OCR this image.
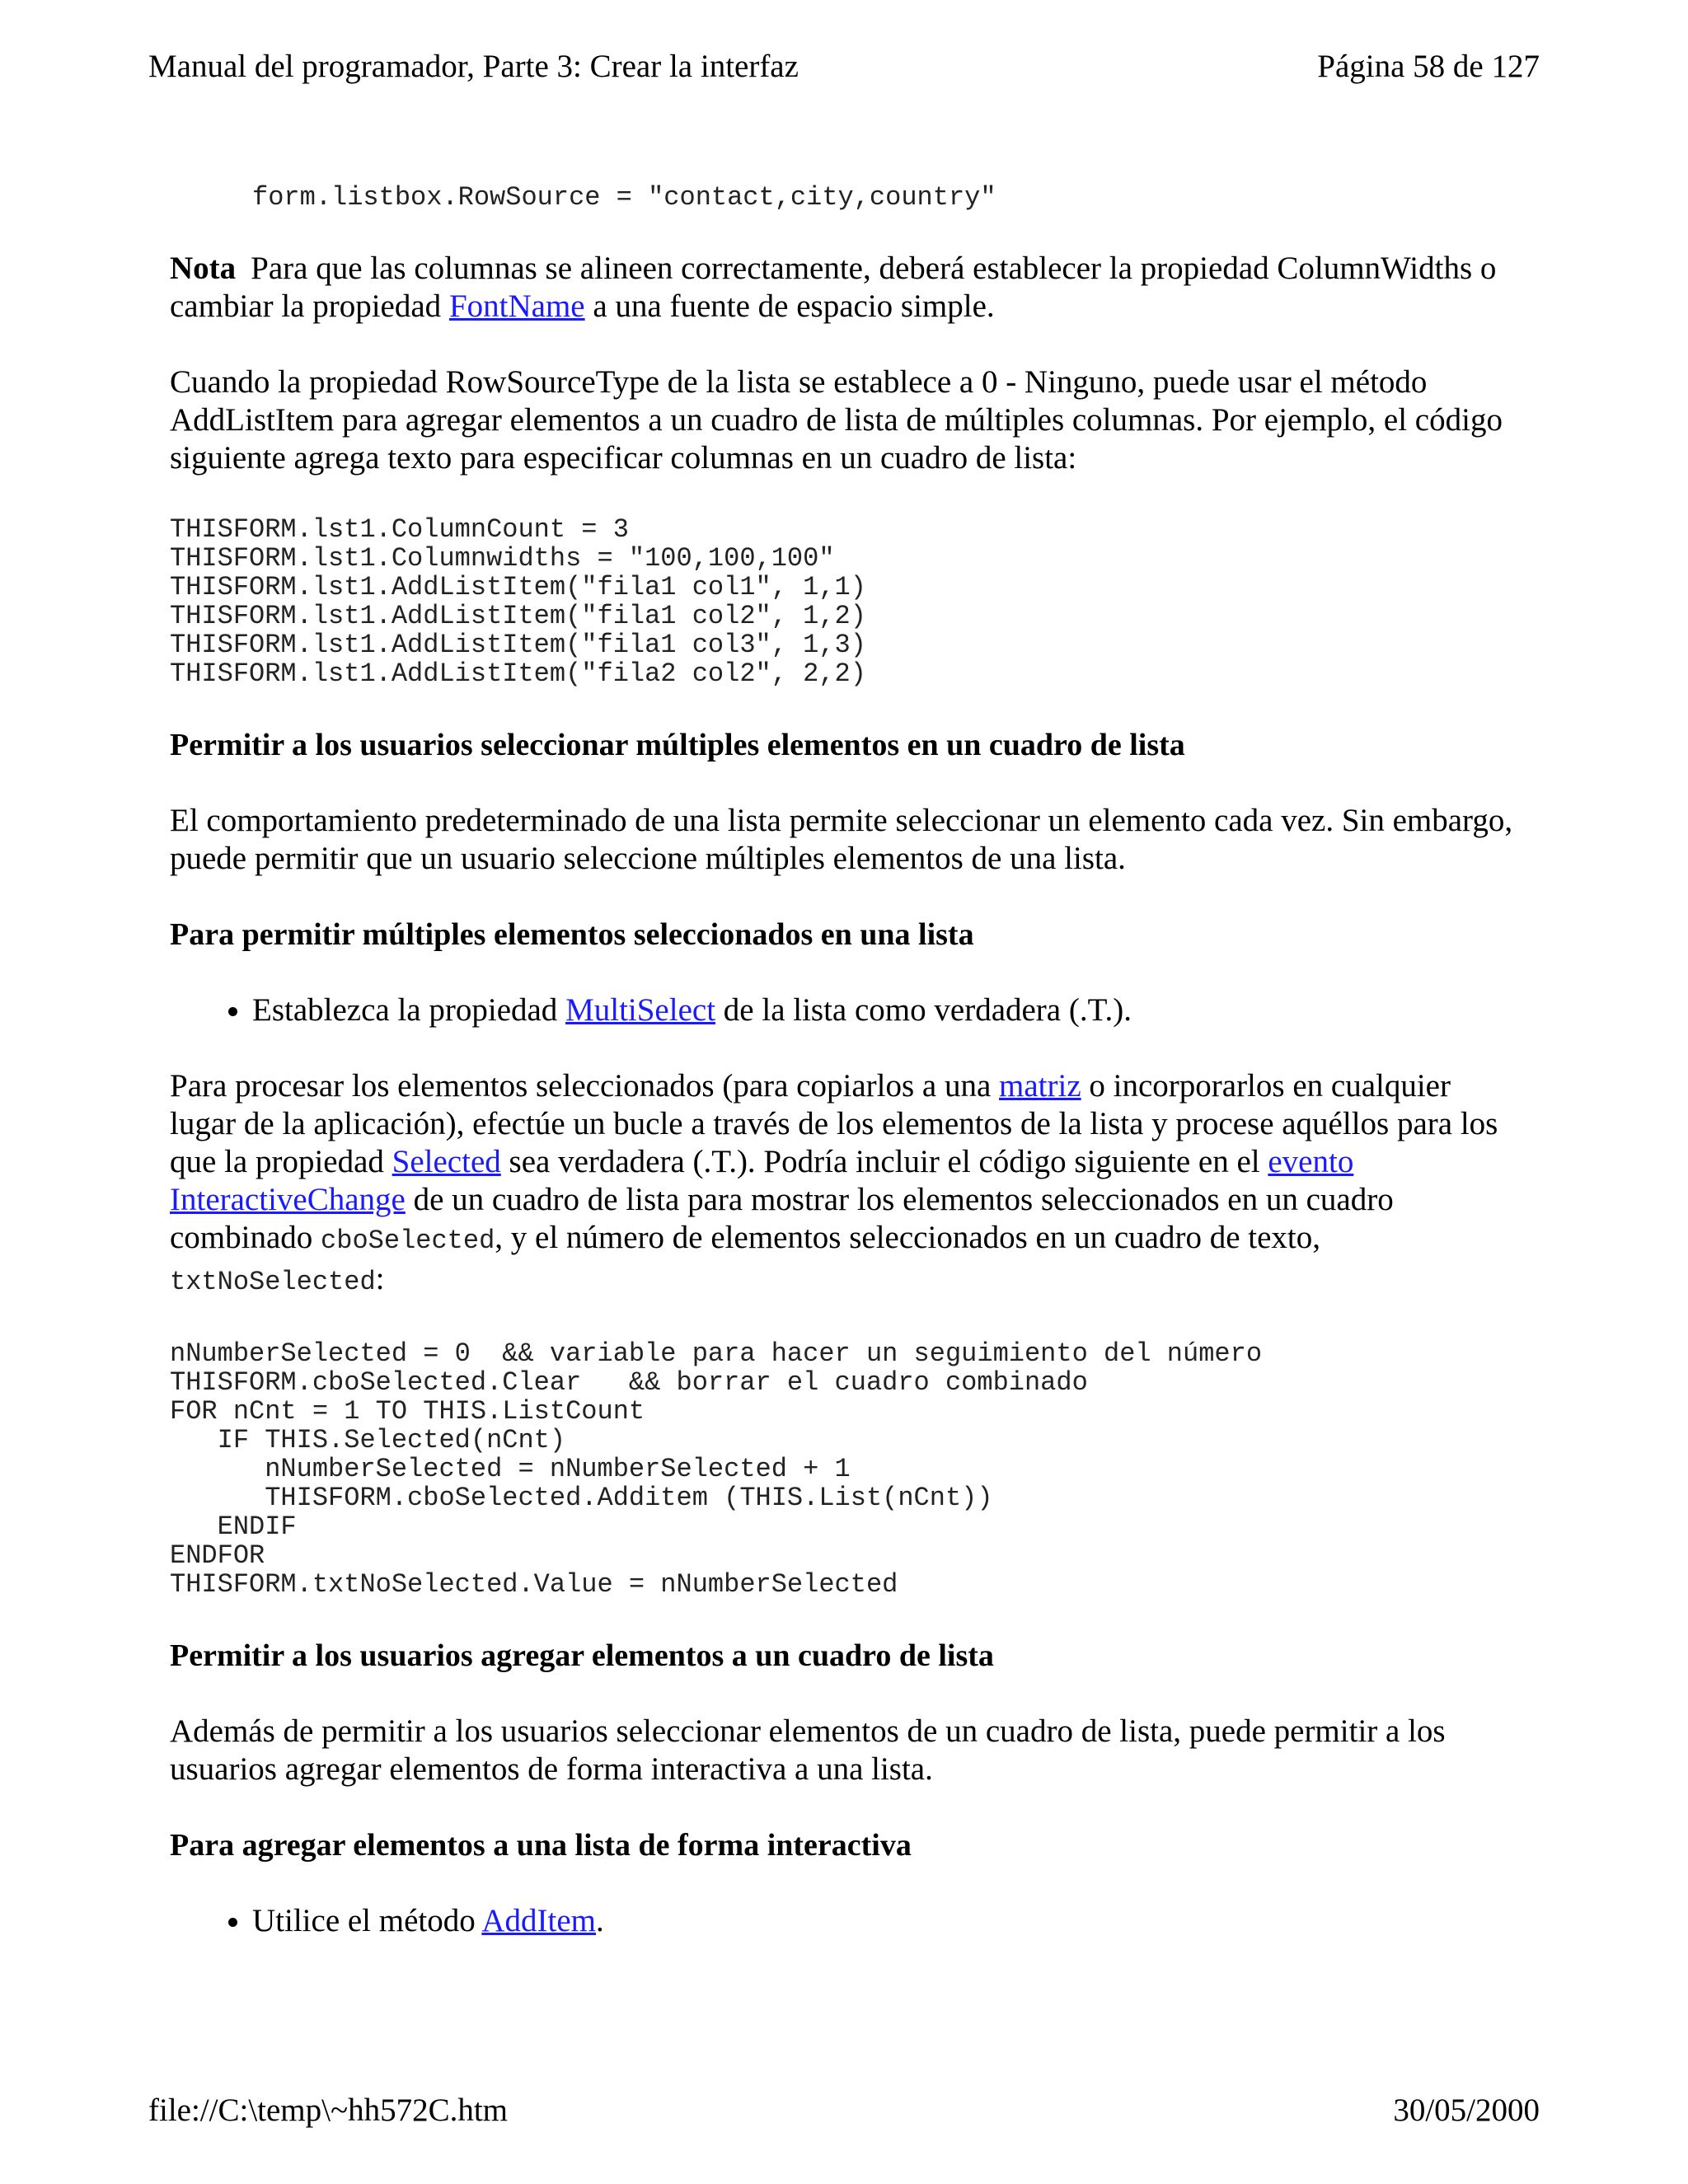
Manual del programador, Parte 3: Crear la interfaz	Página 58 de 127
form.listbox.RowSource = "contact,city,country"

Nota Para que las columnas se alineen correctamente, deberá establecer la propiedad ColumnWidths o cambiar la propiedad FontName a una fuente de espacio simple.

Cuando la propiedad RowSourceType de la lista se establece a 0 - Ninguno, puede usar el método AddListItem para agregar elementos a un cuadro de lista de múltiples columnas. Por ejemplo, el código siguiente agrega texto para especificar columnas en un cuadro de lista:

THISFORM.lst1.ColumnCount = 3
THISFORM.lst1.Columnwidths = "100,100,100"
THISFORM.lst1.AddListItem("fila1 col1", 1,1)
THISFORM.lst1.AddListItem("fila1 col2", 1,2)
THISFORM.lst1.AddListItem("fila1 col3", 1,3)
THISFORM.lst1.AddListItem("fila2 col2", 2,2)
Permitir a los usuarios seleccionar múltiples elementos en un cuadro de lista

El comportamiento predeterminado de una lista permite seleccionar un elemento cada vez. Sin embargo, puede permitir que un usuario seleccione múltiples elementos de una lista.

Para permitir múltiples elementos seleccionados en una lista
• Establezca la propiedad MultiSelect de la lista como verdadera (.T.).

Para procesar los elementos seleccionados (para copiarlos a una matriz o incorporarlos en cualquier lugar de la aplicación), efectúe un bucle a través de los elementos de la lista y procese aquéllos para los que la propiedad Selected sea verdadera (.T.). Podría incluir el código siguiente en el evento InteractiveChange de un cuadro de lista para mostrar los elementos seleccionados en un cuadro combinado cboSelected, y el número de elementos seleccionados en un cuadro de texto, txtNoSelected:

nNumberSelected = 0  && variable para hacer un seguimiento del número
THISFORM.cboSelected.Clear   && borrar el cuadro combinado
FOR nCnt = 1 TO THIS.ListCount
IF THIS.Selected(nCnt)
nNumberSelected = nNumberSelected + 1
THISFORM.cboSelected.Additem (THIS.List(nCnt))
ENDIF
ENDFOR
THISFORM.txtNoSelected.Value = nNumberSelected
Permitir a los usuarios agregar elementos a un cuadro de lista

Además de permitir a los usuarios seleccionar elementos de un cuadro de lista, puede permitir a los usuarios agregar elementos de forma interactiva a una lista.

Para agregar elementos a una lista de forma interactiva
• Utilice el método AddItem.
file://C:\temp\~hh572C.htm	30/05/2000
